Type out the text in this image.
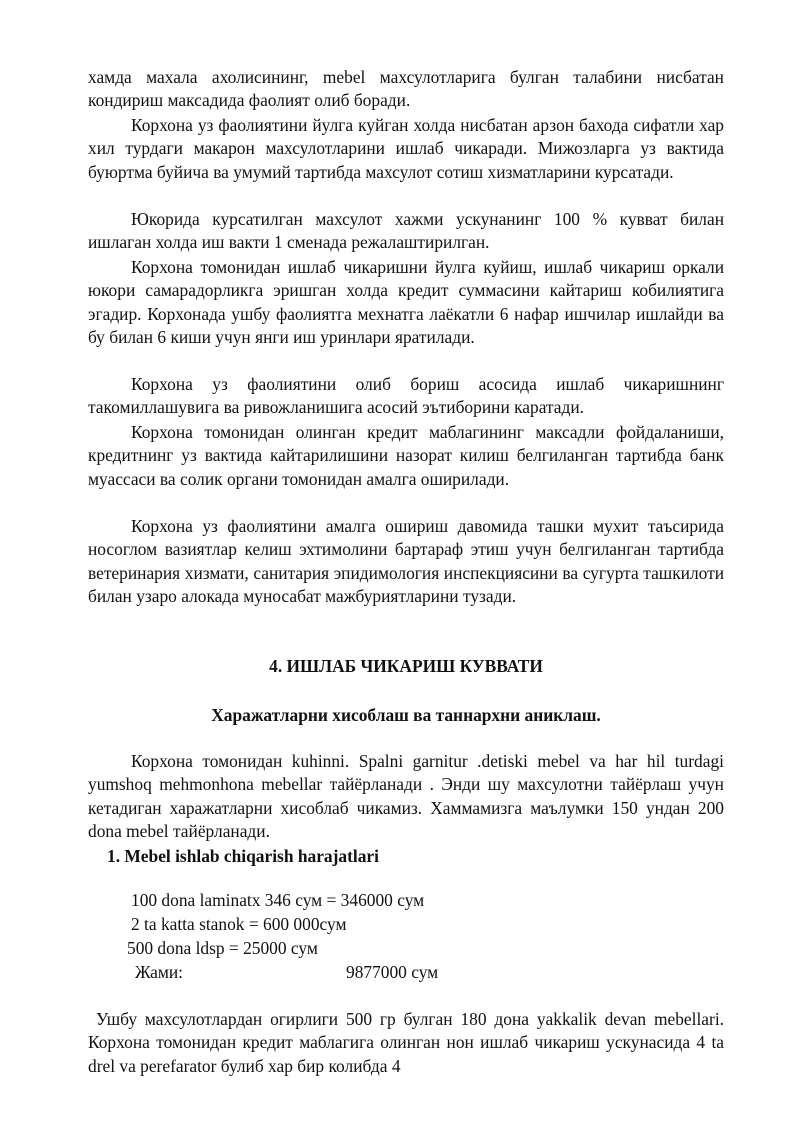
хамда махала ахолисининг, mebel махсулотларига булган талабини нисбатан кондириш максадида фаолият олиб боради.

Корхона уз фаолиятини йулга куйган холда нисбатан арзон бахода сифатли хар хил турдаги макарон махсулотларини ишлаб чикаради. Мижозларга уз вактида буюртма буйича ва умумий тартибда махсулот сотиш хизматларини курсатади.

Юкорида курсатилган махсулот хажми ускунанинг 100 % кувват билан ишлаган холда иш вакти 1 сменада режалаштирилган.

Корхона томонидан ишлаб чикаришни йулга куйиш, ишлаб чикариш оркали юкори самарадорликга эришган холда кредит суммасини кайтариш кобилиятига эгадир. Корхонада ушбу фаолиятга мехнатга лаёкатли 6 нафар ишчилар ишлайди ва бу билан 6 киши учун янги иш уринлари яратилади.

Корхона уз фаолиятини олиб бориш асосида ишлаб чикаришнинг такомиллашувига ва ривожланишига асосий эътиборини каратади.

Корхона томонидан олинган кредит маблагининг максадли фойдаланиши, кредитнинг уз вактида кайтарилишини назорат килиш белгиланган тартибда банк муассаси ва солик органи томонидан амалга оширилади.

Корхона уз фаолиятини амалга ошириш давомида ташки мухит таъсирида носоглом вазиятлар келиш эхтимолини бартараф этиш учун белгиланган тартибда ветеринария хизмати, санитария эпидимология инспекциясини ва сугурта ташкилоти билан узаро алокада муносабат мажбуриятларини тузади.

4. ИШЛАБ ЧИКАРИШ КУВВАТИ

Харажатларни хисоблаш ва таннархни аниклаш.

Корхона томонидан kuhinni. Spalni garnitur .detiski mebel va har hil turdagi yumshoq mehmonhona mebellar тайёрланади . Энди шу махсулотни тайёрлаш учун кетадиган харажатларни хисоблаб чикамиз. Хаммамизга маълумки 150 ундан 200 dona mebel тайёрланади.

1. Mebel ishlab chiqarish harajatlari

100 dona laminatx 346 сум = 346000 сум

2 ta katta stanok = 600 000сум

500 dona ldsp = 25000 сум

Жами:	9877000 сум

Ушбу махсулотлардан огирлиги 500 гр булган 180 дона yakkalik devan mebellari. Корхона томонидан кредит маблагига олинган нон ишлаб чикариш ускунасида 4 ta drel va perefarator булиб хар бир колибда 4
